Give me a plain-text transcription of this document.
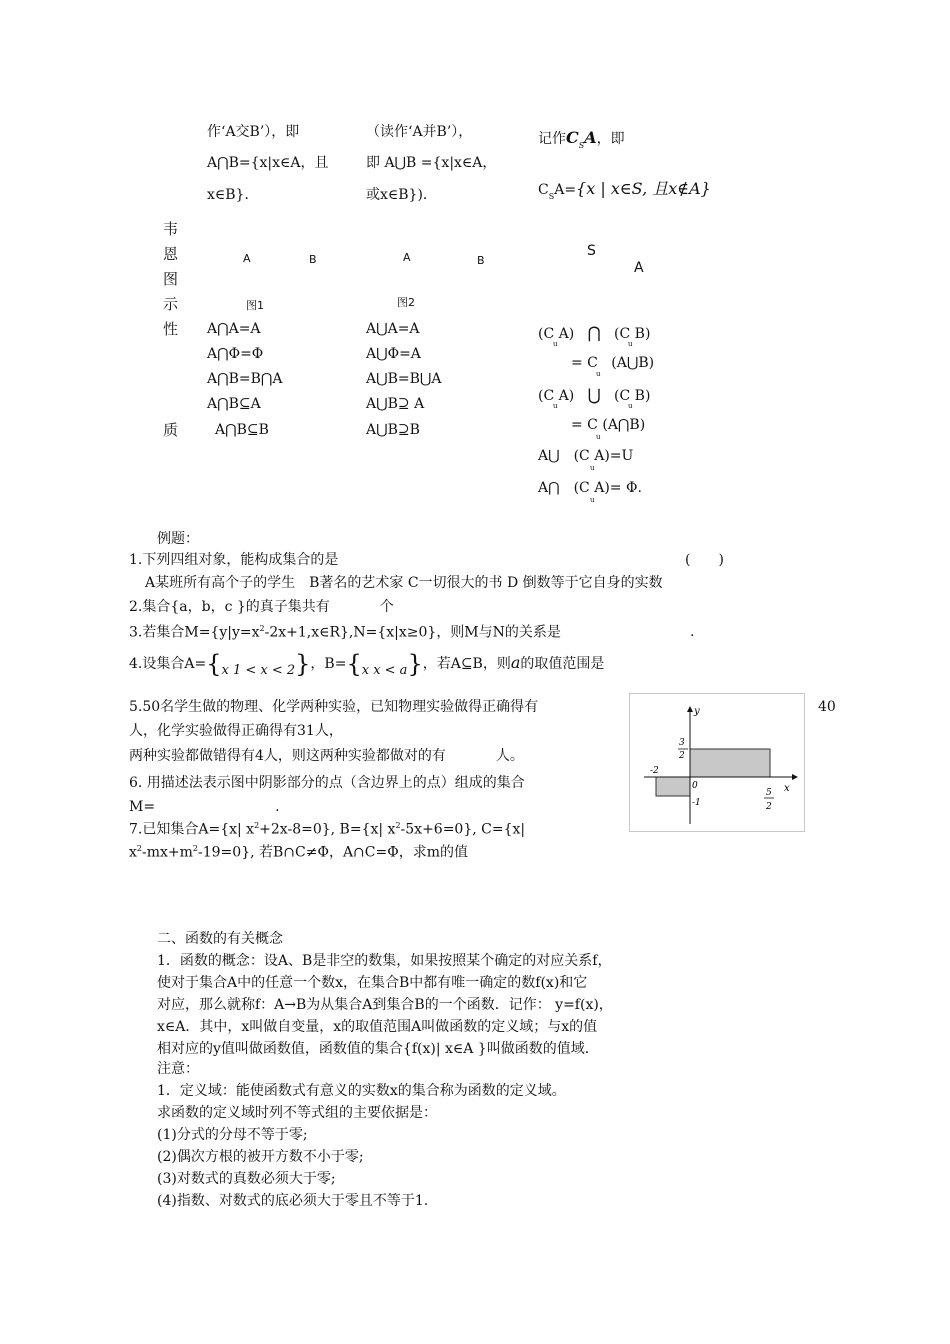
作‘A交B’），即
A⋂B={x|x∈A，且
x∈B}．
（读作‘A并B’），
即 A⋃B ={x|x∈A，
或x∈B})．
记作$C_SA$，即
$C_SA=\{x$ | x∈S, 且x∉A}
韦
恩
图
示
性
质
A	B
图1
A	B
图2
S
A
A⋂A=A
A⋂Φ=Φ
A⋂B=B⋂A
A⋂B⊆A
A⋂B⊆B
A⋃A=A
A⋃Φ=A
A⋃B=B⋃A
A⋃B⊇ A
A⋃B⊇B
(C A) ⋂ (C B)
= C (A⋃B)
(C A) ⋃ (C B)
= C (A⋂B)
A⋃　(C A)=U
A⋂　(C A)= Φ.
u	u
u
u	u
u
u
u
例题：
1.下列四组对象，能构成集合的是	(　　)
A某班所有高个子的学生　B著名的艺术家 C一切很大的书 D 倒数等于它自身的实数
2.集合{a，b，c }的真子集共有	个
3.若集合$M=\{y|y=x^2-2x+1,x\in R\},N=\{x|x\ge 0\}$，则M与N的关系是	.
4.设集合A={x 1 < x < 2}，B={x x < a}，若A⊆B，则a的取值范围是
5.50名学生做的物理、化学两种实验，已知物理实验做得正确得有	40
人，化学实验做得正确得有31人，
两种实验都做错得有4人，则这两种实验都做对的有	人。
6. 用描述法表示图中阴影部分的点（含边界上的点）组成的集合
M=	.
7.已知集合A={x| $x^2+2x-8=0$}, B={x| $x^2-5x+6=0$}, C={x|
$x^2-mx+m^2-19=0$}, 若B∩C≠Φ，A∩C=Φ，求m的值
y
x
3
2
-2
0
-1
5
2
二、函数的有关概念
1．函数的概念：设A、B是非空的数集，如果按照某个确定的对应关系f，
使对于集合A中的任意一个数x，在集合B中都有唯一确定的数f(x)和它
对应，那么就称f：A→B为从集合A到集合B的一个函数．记作： y=f(x)，
x∈A．其中，x叫做自变量，x的取值范围A叫做函数的定义域；与x的值
相对应的y值叫做函数值，函数值的集合{f(x)| x∈A }叫做函数的值域．
注意：
1．定义域：能使函数式有意义的实数x的集合称为函数的定义域。
求函数的定义域时列不等式组的主要依据是：
(1)分式的分母不等于零;
(2)偶次方根的被开方数不小于零;
(3)对数式的真数必须大于零;
(4)指数、对数式的底必须大于零且不等于1.
